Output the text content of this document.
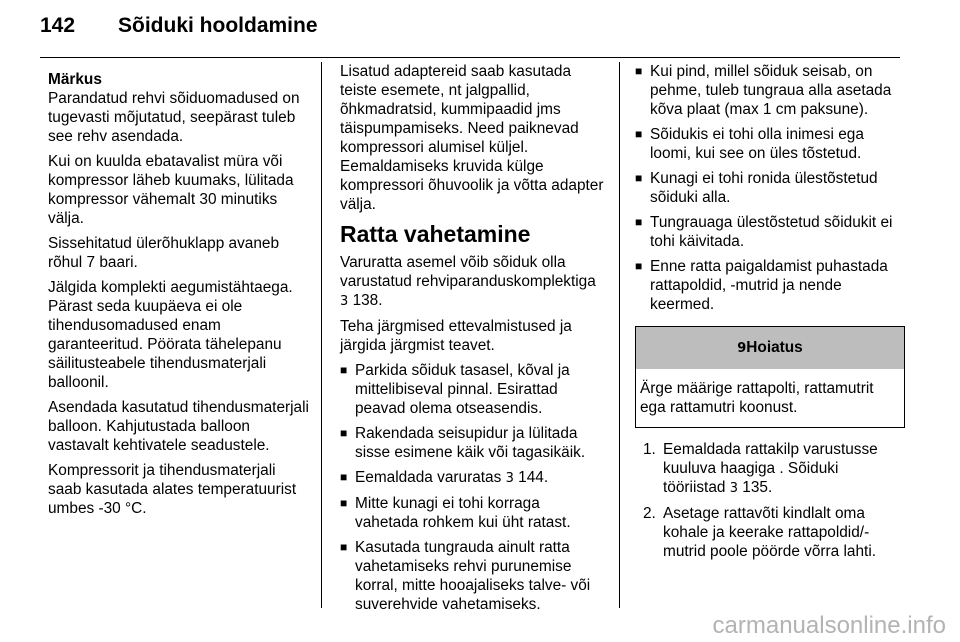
142	Sõiduki hooldamine
Märkus

Parandatud rehvi sõiduomadused on tugevasti mõjutatud, seepärast tuleb see rehv asendada.

Kui on kuulda ebatavalist müra või kompressor läheb kuumaks, lülitada kompressor vähemalt 30 minutiks välja.

Sissehitatud ülerõhuklapp avaneb rõhul 7 baari.

Jälgida komplekti aegumistähtaega. Pärast seda kuupäeva ei ole tihendusomadused enam garanteeritud. Pöörata tähelepanu säilitusteabele tihendusmaterjali balloonil.

Asendada kasutatud tihendusmaterjali balloon. Kahjutustada balloon vastavalt kehtivatele seadustele.

Kompressorit ja tihendusmaterjali saab kasutada alates temperatuurist umbes -30 °C.

Lisatud adaptereid saab kasutada teiste esemete, nt jalgpallid, õhkmadratsid, kummipaadid jms täispumpamiseks. Need paiknevad kompressori alumisel küljel. Eemaldamiseks kruvida külge kompressori õhuvoolik ja võtta adapter välja.

Ratta vahetamine

Varuratta asemel võib sõiduk olla varustatud rehviparanduskomplektiga 3 138.

Teha järgmised ettevalmistused ja järgida järgmist teavet.

■ Parkida sõiduk tasasel, kõval ja mittelibiseval pinnal. Esirattad peavad olema otseasendis.
■ Rakendada seisupidur ja lülitada sisse esimene käik või tagasikäik.
■ Eemaldada varuratas 3 144.
■ Mitte kunagi ei tohi korraga vahetada rohkem kui üht ratast.
■ Kasutada tungrauda ainult ratta vahetamiseks rehvi purunemise korral, mitte hooajaliseks talve- või suverehvide vahetamiseks.
■ Kui pind, millel sõiduk seisab, on pehme, tuleb tungraua alla asetada kõva plaat (max 1 cm paksune).
■ Sõidukis ei tohi olla inimesi ega loomi, kui see on üles tõstetud.
■ Kunagi ei tohi ronida ülestõstetud sõiduki alla.
■ Tungrauaga ülestõstetud sõidukit ei tohi käivitada.
■ Enne ratta paigaldamist puhastada rattapoldid, -mutrid ja nende keermed.
9Hoiatus
Ärge määrige rattapolti, rattamutrit ega rattamutri koonust.
1. Eemaldada rattakilp varustusse kuuluva haagiga . Sõiduki tööriistad 3 135.
2. Asetage rattavõti kindlalt oma kohale ja keerake rattapoldid/-mutrid poole pöörde võrra lahti.
carmanualsonline.info
